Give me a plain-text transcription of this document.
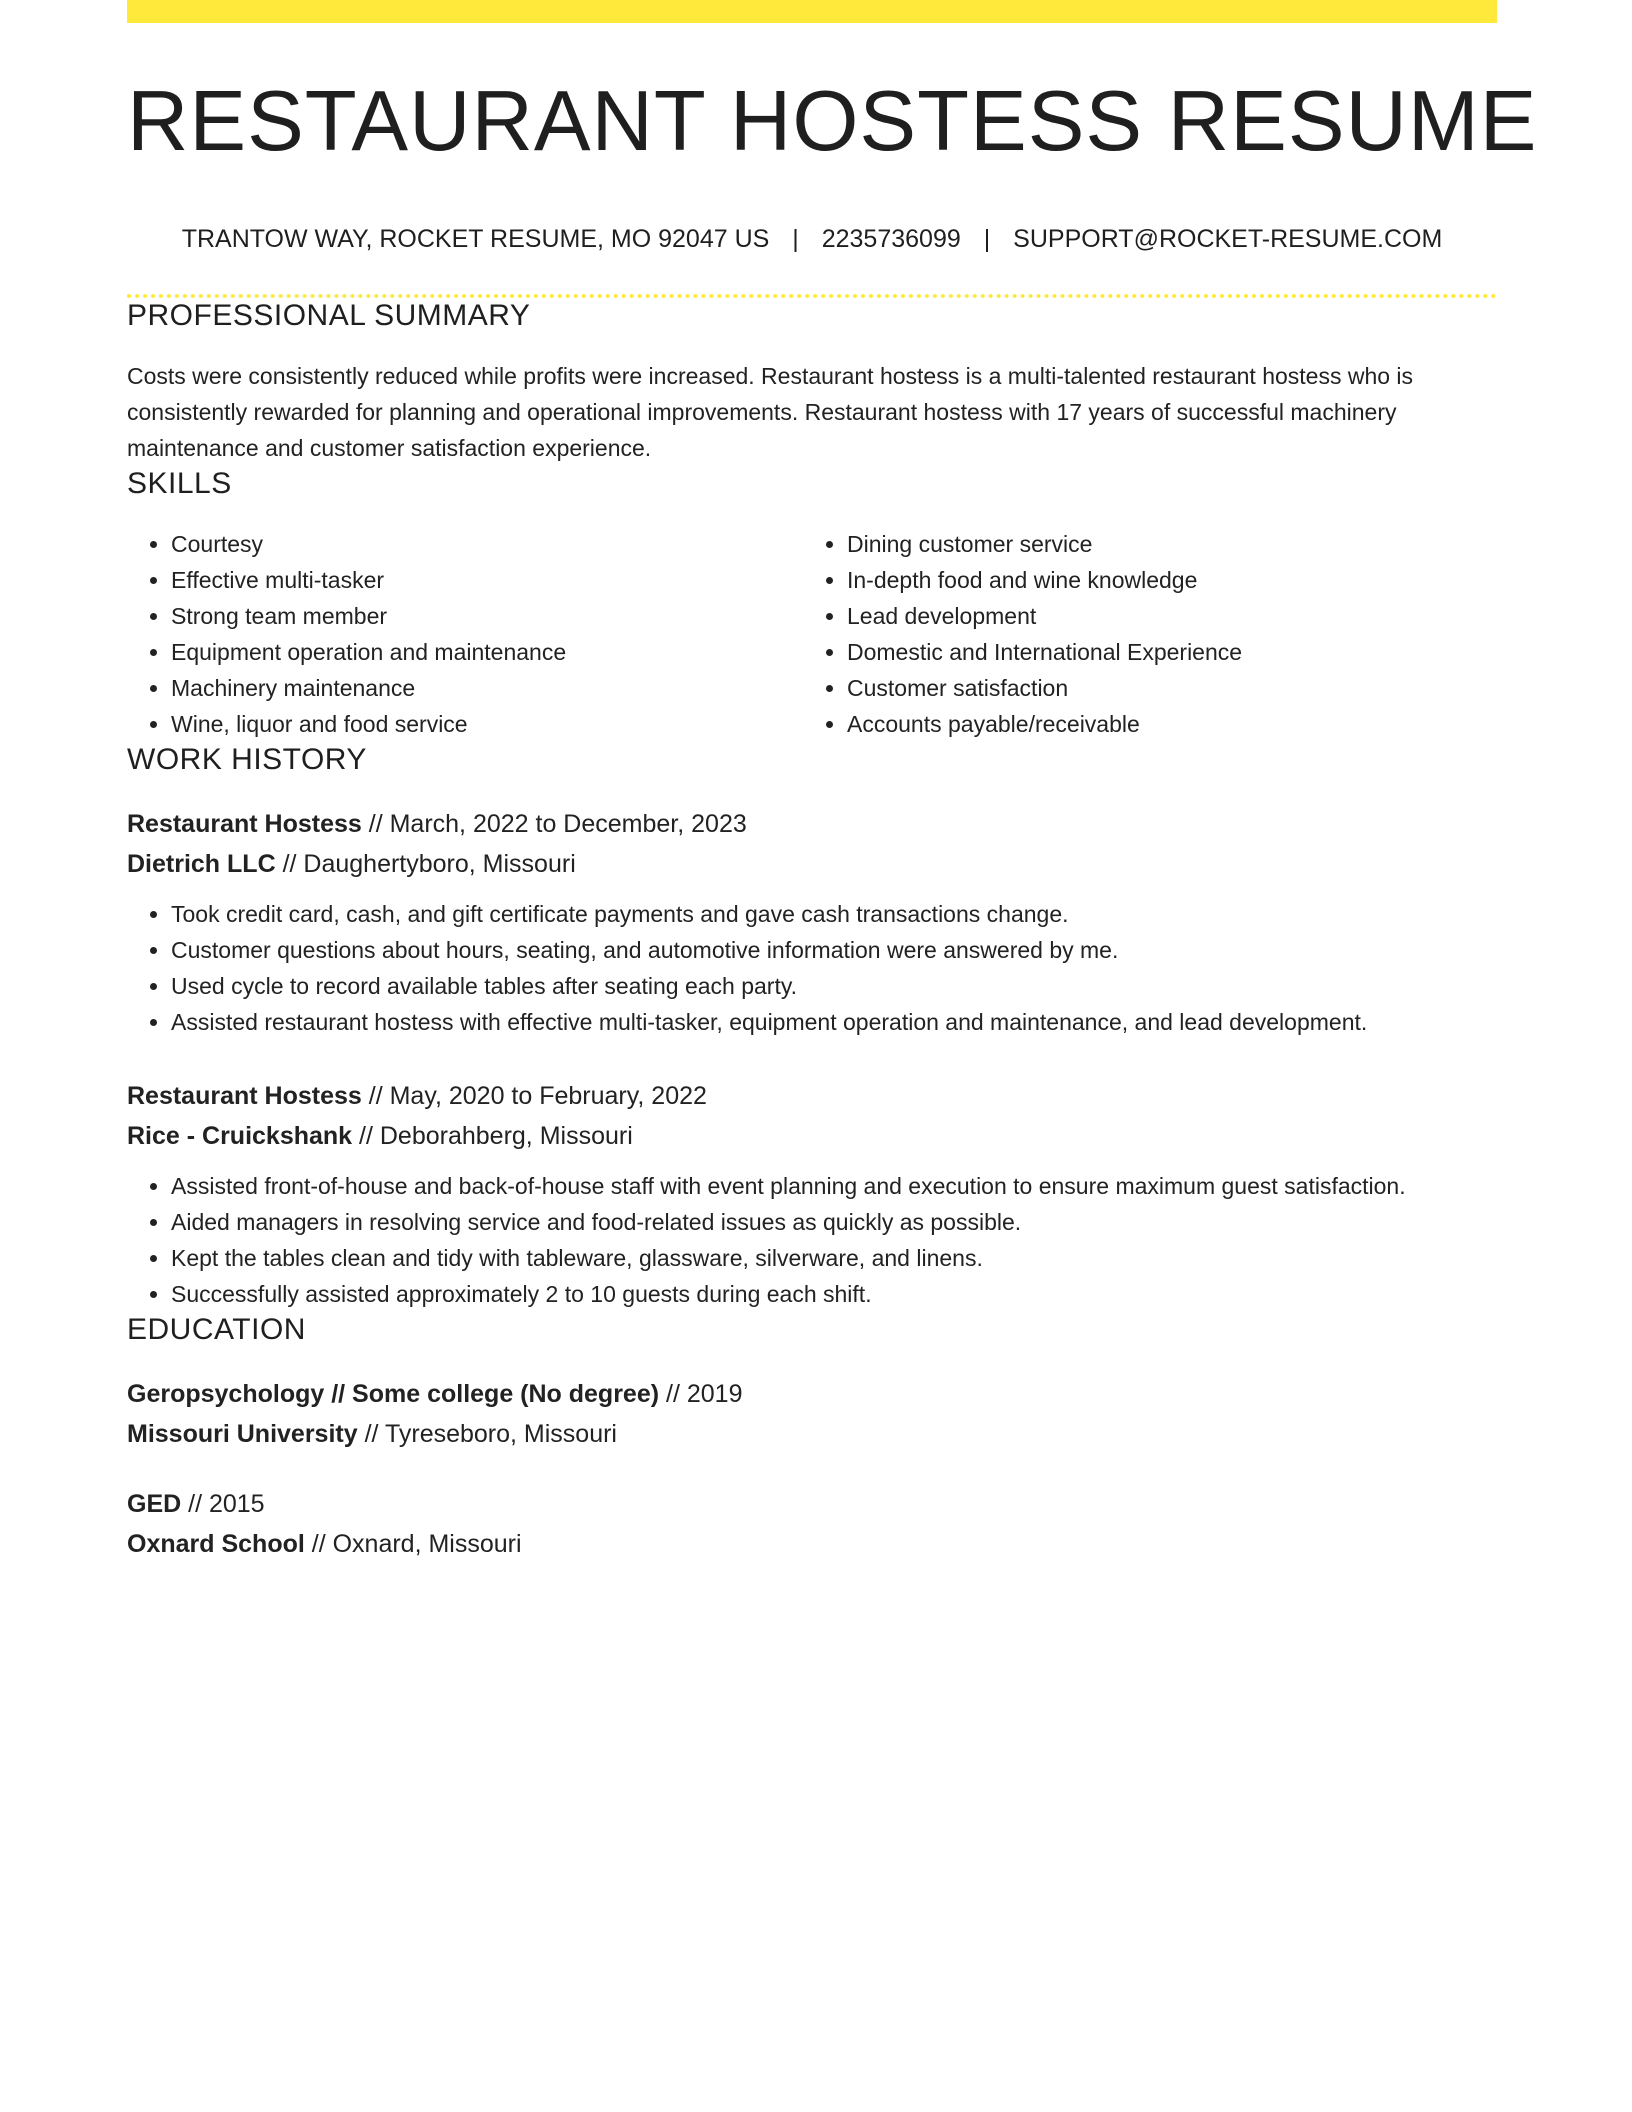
RESTAURANT HOSTESS RESUME
TRANTOW WAY, ROCKET RESUME, MO 92047 US | 2235736099 | SUPPORT@ROCKET-RESUME.COM
PROFESSIONAL SUMMARY

Costs were consistently reduced while profits were increased. Restaurant hostess is a multi-talented restaurant hostess who is consistently rewarded for planning and operational improvements. Restaurant hostess with 17 years of successful machinery maintenance and customer satisfaction experience.

SKILLS
• Courtesy
• Effective multi-tasker
• Strong team member
• Equipment operation and maintenance
• Machinery maintenance
• Wine, liquor and food service
• Dining customer service
• In-depth food and wine knowledge
• Lead development
• Domestic and International Experience
• Customer satisfaction
• Accounts payable/receivable
WORK HISTORY
Restaurant Hostess // March, 2022 to December, 2023
Dietrich LLC // Daughertyboro, Missouri
• Took credit card, cash, and gift certificate payments and gave cash transactions change.
• Customer questions about hours, seating, and automotive information were answered by me.
• Used cycle to record available tables after seating each party.
• Assisted restaurant hostess with effective multi-tasker, equipment operation and maintenance, and lead development.
Restaurant Hostess // May, 2020 to February, 2022
Rice - Cruickshank // Deborahberg, Missouri
• Assisted front-of-house and back-of-house staff with event planning and execution to ensure maximum guest satisfaction.
• Aided managers in resolving service and food-related issues as quickly as possible.
• Kept the tables clean and tidy with tableware, glassware, silverware, and linens.
• Successfully assisted approximately 2 to 10 guests during each shift.
EDUCATION
Geropsychology // Some college (No degree) // 2019
Missouri University // Tyreseboro, Missouri
GED // 2015
Oxnard School // Oxnard, Missouri
